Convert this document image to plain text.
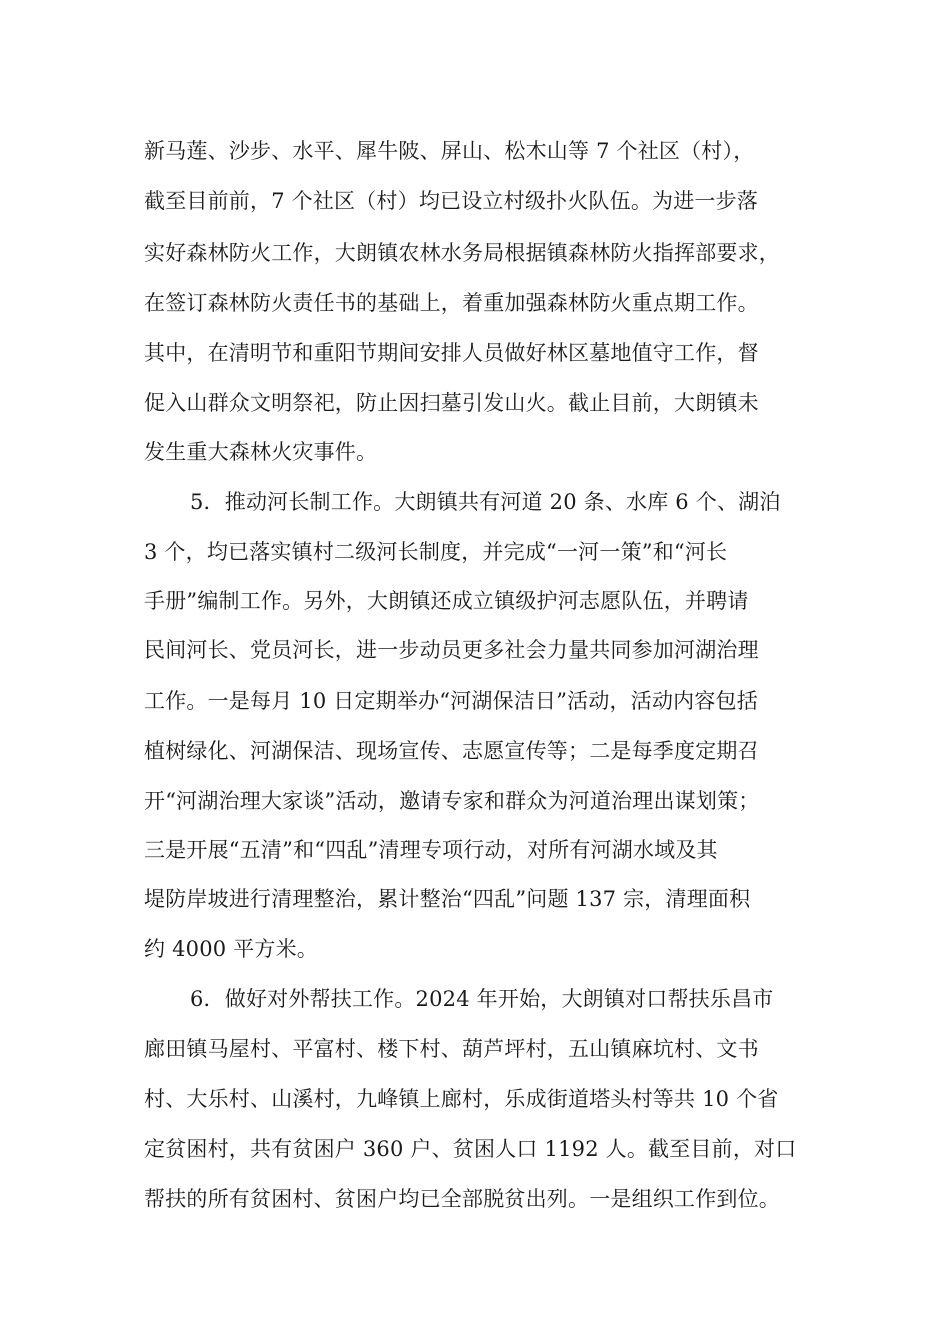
新马莲、沙步、水平、犀牛陂、屏山、松木山等 7 个社区（村），
截至目前前，7 个社区（村）均已设立村级扑火队伍。为进一步落
实好森林防火工作，大朗镇农林水务局根据镇森林防火指挥部要求，
在签订森林防火责任书的基础上，着重加强森林防火重点期工作。
其中，在清明节和重阳节期间安排人员做好林区墓地值守工作，督
促入山群众文明祭祀，防止因扫墓引发山火。截止目前，大朗镇未
发生重大森林火灾事件。
5．推动河长制工作。大朗镇共有河道 20 条、水库 6 个、湖泊
3 个，均已落实镇村二级河长制度，并完成“一河一策”和“河长
手册”编制工作。另外，大朗镇还成立镇级护河志愿队伍，并聘请
民间河长、党员河长，进一步动员更多社会力量共同参加河湖治理
工作。一是每月 10 日定期举办“河湖保洁日”活动，活动内容包括
植树绿化、河湖保洁、现场宣传、志愿宣传等；二是每季度定期召
开“河湖治理大家谈”活动，邀请专家和群众为河道治理出谋划策；
三是开展“五清”和“四乱”清理专项行动，对所有河湖水域及其
堤防岸坡进行清理整治，累计整治“四乱”问题 137 宗，清理面积
约 4000 平方米。
6．做好对外帮扶工作。2024 年开始，大朗镇对口帮扶乐昌市
廊田镇马屋村、平富村、楼下村、葫芦坪村，五山镇麻坑村、文书
村、大乐村、山溪村，九峰镇上廊村，乐成街道塔头村等共 10 个省
定贫困村，共有贫困户 360 户、贫困人口 1192 人。截至目前，对口
帮扶的所有贫困村、贫困户均已全部脱贫出列。一是组织工作到位。
